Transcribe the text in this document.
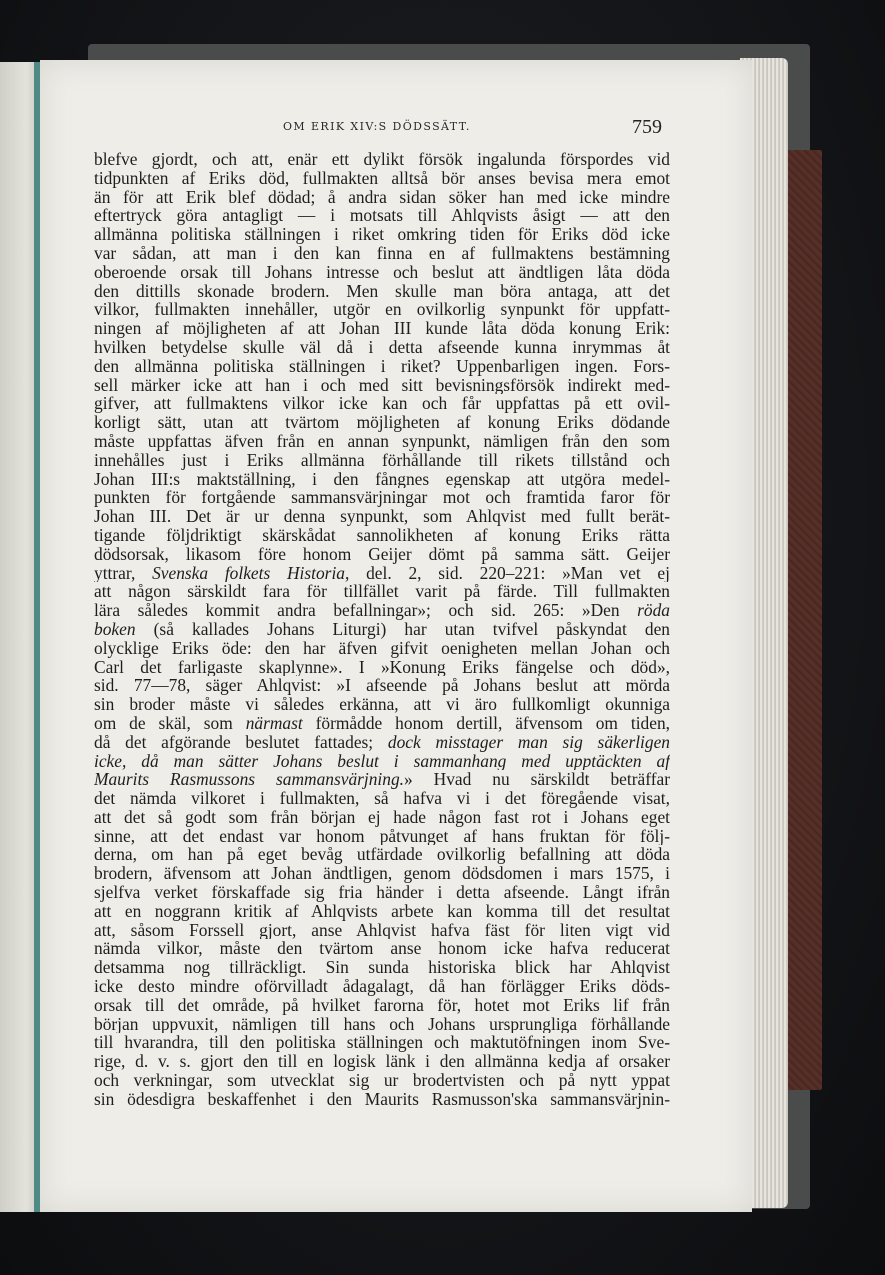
OM ERIK XIV:S DÖDSSÄTT.	759
blefve gjordt, och att, enär ett dylikt försök ingalunda förspordes vid
tidpunkten af Eriks död, fullmakten alltså bör anses bevisa mera emot
än för att Erik blef dödad; å andra sidan söker han med icke mindre
eftertryck göra antagligt — i motsats till Ahlqvists åsigt — att den
allmänna politiska ställningen i riket omkring tiden för Eriks död icke
var sådan, att man i den kan finna en af fullmaktens bestämning
oberoende orsak till Johans intresse och beslut att ändtligen låta döda
den dittills skonade brodern. Men skulle man böra antaga, att det
vilkor, fullmakten innehåller, utgör en ovilkorlig synpunkt för uppfatt-
ningen af möjligheten af att Johan III kunde låta döda konung Erik:
hvilken betydelse skulle väl då i detta afseende kunna inrymmas åt
den allmänna politiska ställningen i riket? Uppenbarligen ingen. Fors-
sell märker icke att han i och med sitt bevisningsförsök indirekt med-
gifver, att fullmaktens vilkor icke kan och får uppfattas på ett ovil-
korligt sätt, utan att tvärtom möjligheten af konung Eriks dödande
måste uppfattas äfven från en annan synpunkt, nämligen från den som
innehålles just i Eriks allmänna förhållande till rikets tillstånd och
Johan III:s maktställning, i den fångnes egenskap att utgöra medel-
punkten för fortgående sammansvärjningar mot och framtida faror för
Johan III. Det är ur denna synpunkt, som Ahlqvist med fullt berät-
tigande följdriktigt skärskådat sannolikheten af konung Eriks rätta
dödsorsak, likasom före honom Geijer dömt på samma sätt. Geijer
yttrar, Svenska folkets Historia, del. 2, sid. 220–221: »Man vet ej
att någon särskildt fara för tillfället varit på färde. Till fullmakten
lära således kommit andra befallningar»; och sid. 265: »Den röda
boken (så kallades Johans Liturgi) har utan tvifvel påskyndat den
olycklige Eriks öde: den har äfven gifvit oenigheten mellan Johan och
Carl det farligaste skaplynne». I »Konung Eriks fängelse och död»,
sid. 77—78, säger Ahlqvist: »I afseende på Johans beslut att mörda
sin broder måste vi således erkänna, att vi äro fullkomligt okunniga
om de skäl, som närmast förmådde honom dertill, äfvensom om tiden,
då det afgörande beslutet fattades; dock misstager man sig säkerligen
icke, då man sätter Johans beslut i sammanhang med upptäckten af
Maurits Rasmussons sammansvärjning.» Hvad nu särskildt beträffar
det nämda vilkoret i fullmakten, så hafva vi i det föregående visat,
att det så godt som från början ej hade någon fast rot i Johans eget
sinne, att det endast var honom påtvunget af hans fruktan för följ-
derna, om han på eget bevåg utfärdade ovilkorlig befallning att döda
brodern, äfvensom att Johan ändtligen, genom dödsdomen i mars 1575, i
sjelfva verket förskaffade sig fria händer i detta afseende. Långt ifrån
att en noggrann kritik af Ahlqvists arbete kan komma till det resultat
att, såsom Forssell gjort, anse Ahlqvist hafva fäst för liten vigt vid
nämda vilkor, måste den tvärtom anse honom icke hafva reducerat
detsamma nog tillräckligt. Sin sunda historiska blick har Ahlqvist
icke desto mindre oförvilladt ådagalagt, då han förlägger Eriks döds-
orsak till det område, på hvilket farorna för, hotet mot Eriks lif från
början uppvuxit, nämligen till hans och Johans ursprungliga förhållande
till hvarandra, till den politiska ställningen och maktutöfningen inom Sve-
rige, d. v. s. gjort den till en logisk länk i den allmänna kedja af orsaker
och verkningar, som utvecklat sig ur brodertvisten och på nytt yppat
sin ödesdigra beskaffenhet i den Maurits Rasmusson'ska sammansvärjnin-
